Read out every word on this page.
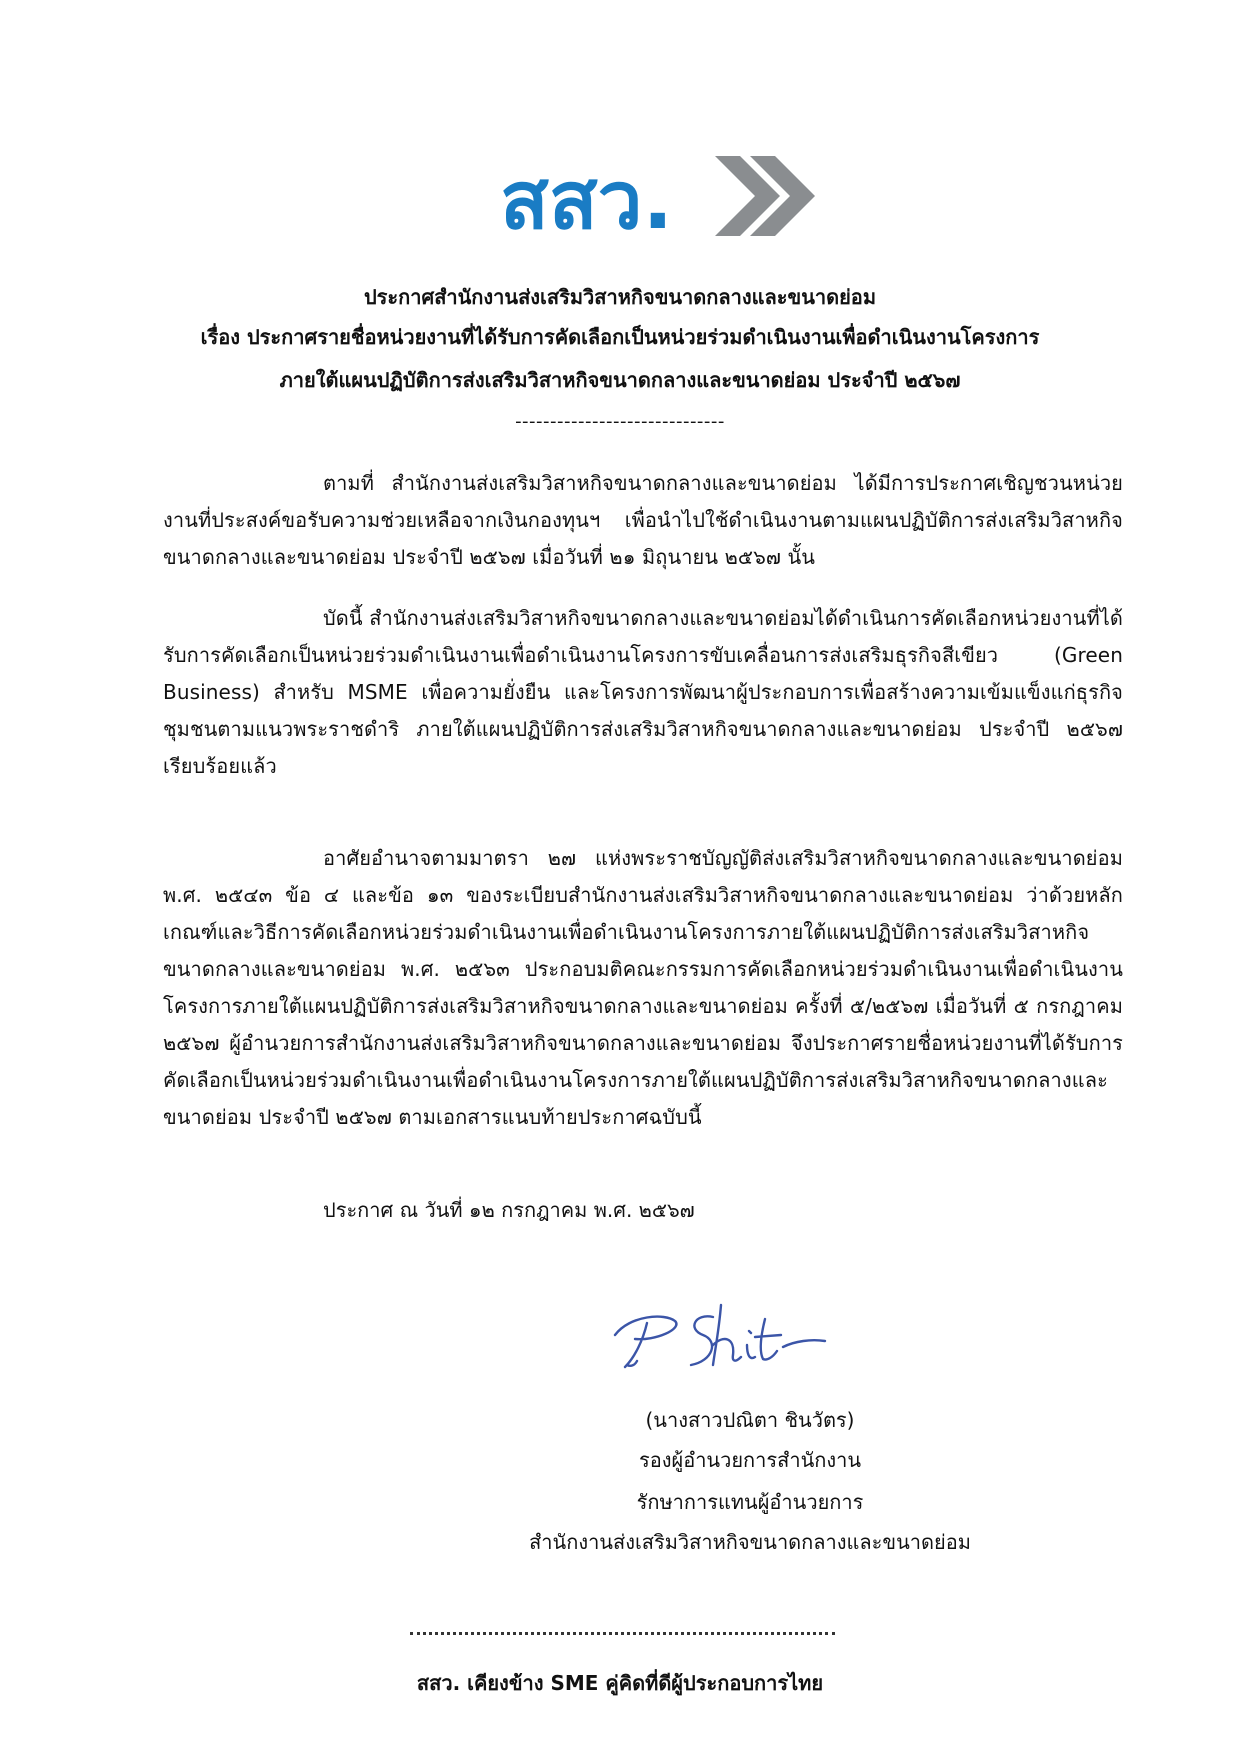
สสว.
ประกาศสำนักงานส่งเสริมวิสาหกิจขนาดกลางและขนาดย่อม
เรื่อง ประกาศรายชื่อหน่วยงานที่ได้รับการคัดเลือกเป็นหน่วยร่วมดำเนินงานเพื่อดำเนินงานโครงการ
ภายใต้แผนปฏิบัติการส่งเสริมวิสาหกิจขนาดกลางและขนาดย่อม ประจำปี ๒๕๖๗
------------------------------
ตามที่ สำนักงานส่งเสริมวิสาหกิจขนาดกลางและขนาดย่อม ได้มีการประกาศเชิญชวนหน่วยงานที่ประสงค์ขอรับความช่วยเหลือจากเงินกองทุนฯ เพื่อนำไปใช้ดำเนินงานตามแผนปฏิบัติการส่งเสริมวิสาหกิจขนาดกลางและขนาดย่อม ประจำปี ๒๕๖๗ เมื่อวันที่ ๒๑ มิถุนายน ๒๕๖๗ นั้น
บัดนี้ สำนักงานส่งเสริมวิสาหกิจขนาดกลางและขนาดย่อมได้ดำเนินการคัดเลือกหน่วยงานที่ได้รับการคัดเลือกเป็นหน่วยร่วมดำเนินงานเพื่อดำเนินงานโครงการขับเคลื่อนการส่งเสริมธุรกิจสีเขียว (Green Business) สำหรับ MSME เพื่อความยั่งยืน และโครงการพัฒนาผู้ประกอบการเพื่อสร้างความเข้มแข็งแก่ธุรกิจชุมชนตามแนวพระราชดำริ ภายใต้แผนปฏิบัติการส่งเสริมวิสาหกิจขนาดกลางและขนาดย่อม ประจำปี ๒๕๖๗ เรียบร้อยแล้ว
อาศัยอำนาจตามมาตรา ๒๗ แห่งพระราชบัญญัติส่งเสริมวิสาหกิจขนาดกลางและขนาดย่อม พ.ศ. ๒๕๔๓ ข้อ ๔ และข้อ ๑๓ ของระเบียบสำนักงานส่งเสริมวิสาหกิจขนาดกลางและขนาดย่อม ว่าด้วยหลักเกณฑ์และวิธีการคัดเลือกหน่วยร่วมดำเนินงานเพื่อดำเนินงานโครงการภายใต้แผนปฏิบัติการส่งเสริมวิสาหกิจขนาดกลางและขนาดย่อม พ.ศ. ๒๕๖๓ ประกอบมติคณะกรรมการคัดเลือกหน่วยร่วมดำเนินงานเพื่อดำเนินงานโครงการภายใต้แผนปฏิบัติการส่งเสริมวิสาหกิจขนาดกลางและขนาดย่อม ครั้งที่ ๕/๒๕๖๗ เมื่อวันที่ ๕ กรกฎาคม ๒๕๖๗ ผู้อำนวยการสำนักงานส่งเสริมวิสาหกิจขนาดกลางและขนาดย่อม จึงประกาศรายชื่อหน่วยงานที่ได้รับการคัดเลือกเป็นหน่วยร่วมดำเนินงานเพื่อดำเนินงานโครงการภายใต้แผนปฏิบัติการส่งเสริมวิสาหกิจขนาดกลางและขนาดย่อม ประจำปี ๒๕๖๗ ตามเอกสารแนบท้ายประกาศฉบับนี้
ประกาศ ณ วันที่ ๑๒ กรกฎาคม พ.ศ. ๒๕๖๗
(นางสาวปณิตา ชินวัตร)
รองผู้อำนวยการสำนักงาน
รักษาการแทนผู้อำนวยการ
สำนักงานส่งเสริมวิสาหกิจขนาดกลางและขนาดย่อม
สสว. เคียงข้าง SME คู่คิดที่ดีผู้ประกอบการไทย
